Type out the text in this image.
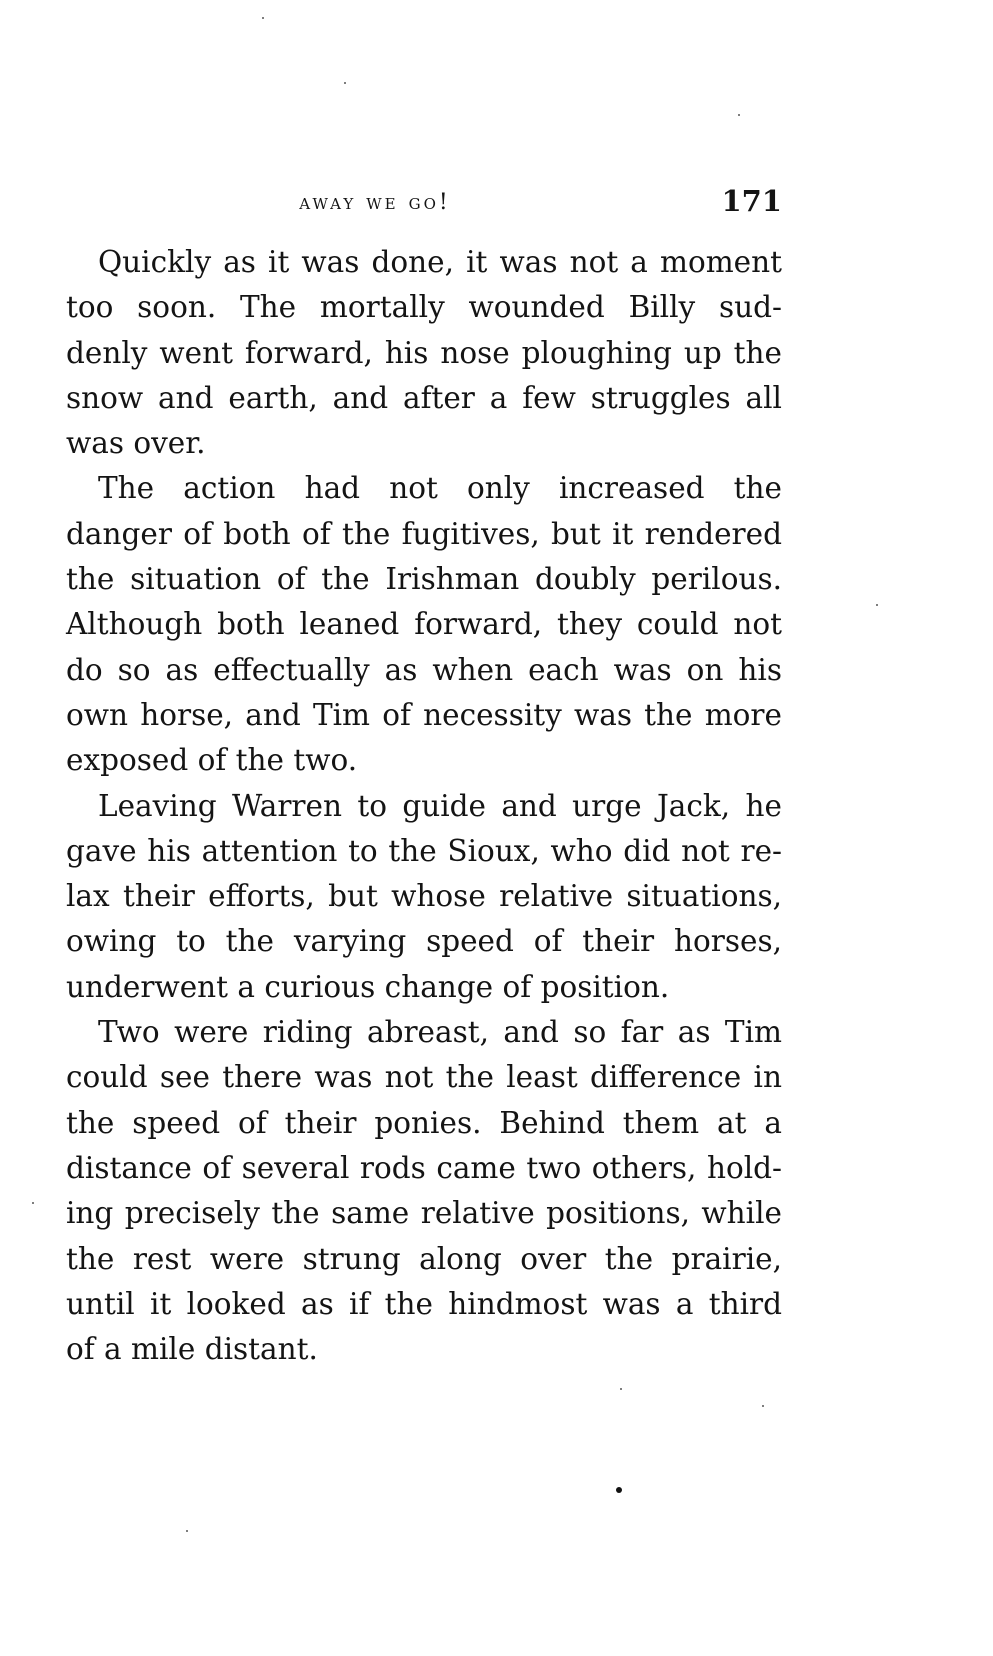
away we go!	171
Quickly as it was done, it was not a moment
too soon. The mortally wounded Billy sud-
denly went forward, his nose ploughing up the
snow and earth, and after a few struggles all
was over.
The action had not only increased the
danger of both of the fugitives, but it rendered
the situation of the Irishman doubly perilous.
Although both leaned forward, they could not
do so as effectually as when each was on his
own horse, and Tim of necessity was the more
exposed of the two.
Leaving Warren to guide and urge Jack, he
gave his attention to the Sioux, who did not re-
lax their efforts, but whose relative situations,
owing to the varying speed of their horses,
underwent a curious change of position.
Two were riding abreast, and so far as Tim
could see there was not the least difference in
the speed of their ponies. Behind them at a
distance of several rods came two others, hold-
ing precisely the same relative positions, while
the rest were strung along over the prairie,
until it looked as if the hindmost was a third
of a mile distant.
